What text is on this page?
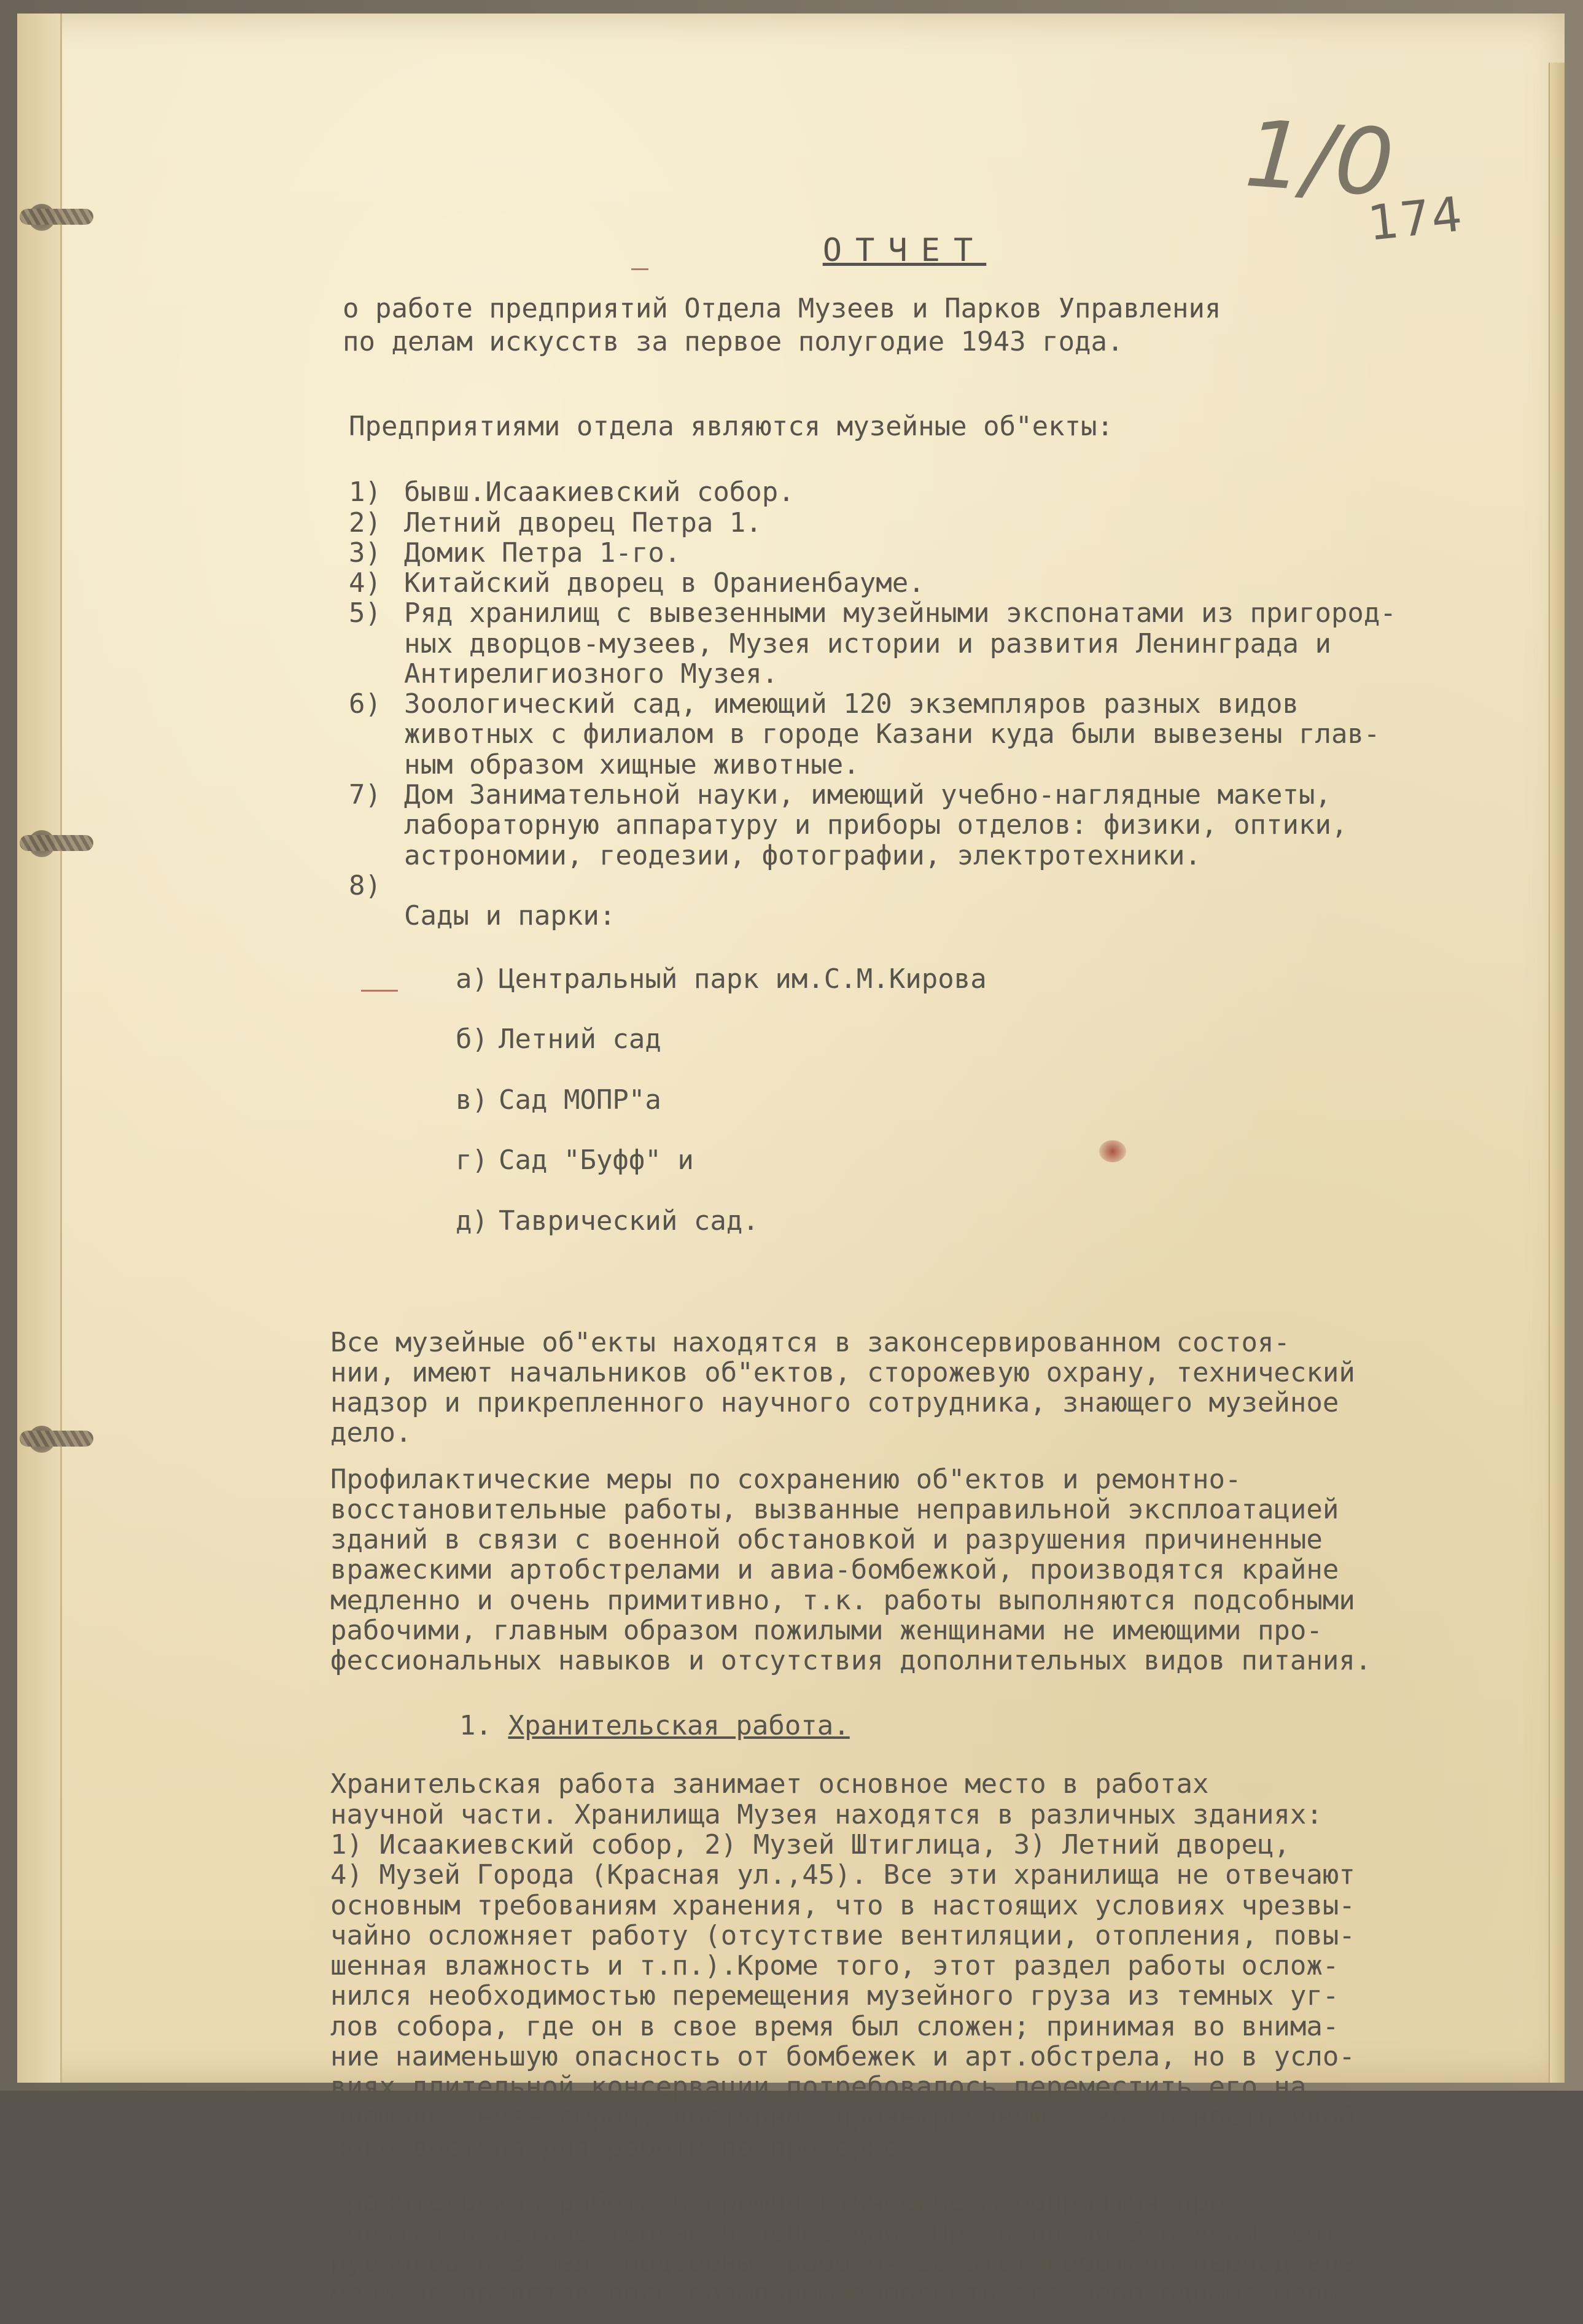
1/0
174
ОТЧЕТ
о работе предприятий Отдела Музеев и Парков Управления
по делам искусств за первое полугодие 1943 года.
Предприятиями отдела являются музейные об"екты:
1) бывш.Исаакиевский собор.
2) Летний дворец Петра 1.
3) Домик Петра 1-го.
4) Китайский дворец в Ораниенбауме.
5) Ряд хранилищ с вывезенными музейными экспонатами из пригород-
ных дворцов-музеев, Музея истории и развития Ленинграда и
Антирелигиозного Музея.
6) Зоологический сад, имеющий 120 экземпляров разных видов
животных с филиалом в городе Казани куда были вывезены глав-
ным образом хищные животные.
7) Дом Занимательной науки, имеющий учебно-наглядные макеты,
лабораторную аппаратуру и приборы отделов: физики, оптики,
астрономии, геодезии, фотографии, электротехники.
8)

Сады и парки:

а) Центральный парк им.С.М.Кирова

б) Летний сад

в) Сад МОПР"а

г) Сад "Буфф" и

д) Таврический сад.

Все музейные об"екты находятся в законсервированном состоя-
нии, имеют начальников об"ектов, сторожевую охрану, технический
надзор и прикрепленного научного сотрудника, знающего музейное
дело.
Профилактические меры по сохранению об"ектов и ремонтно-
восстановительные работы, вызванные неправильной эксплоатацией
зданий в связи с военной обстановкой и разрушения причиненные
вражескими артобстрелами и авиа-бомбежкой, производятся крайне
медленно и очень примитивно, т.к. работы выполняются подсобными
рабочими, главным образом пожилыми женщинами не имеющими про-
фессиональных навыков и отсутствия дополнительных видов питания.
1. Хранительская работа.
Хранительская работа занимает основное место в работах
научной части. Хранилища Музея находятся в различных зданиях:
1) Исаакиевский собор, 2) Музей Штиглица, 3) Летний дворец,
4) Музей Города (Красная ул.,45). Все эти хранилища не отвечают
основным требованиям хранения, что в настоящих условиях чрезвы-
чайно осложняет работу (отсутствие вентиляции, отопления, повы-
шенная влажность и т.п.).Кроме того, этот раздел работы ослож-
нился необходимостью перемещения музейного груза из темных уг-
лов собора, где он в свое время был сложен; принимая во внима-
ние наименьшую опасность от бомбежек и арт.обстрела, но в усло-
виях длительной консервации потребовалось переместить его на
площади менее сырой, доступной проветриванию и возможности удоб-
ного доступа для работы по проверке.
Хранительская работа и профилактические мероприятия про-
водятся в летние теплые и ясные дни. При наличии 5 научных сот-
рудников и 3 чел. подсобных рабочих за этот короткий период вре-
мени не представилось возможным выполнить все необходимые меры
